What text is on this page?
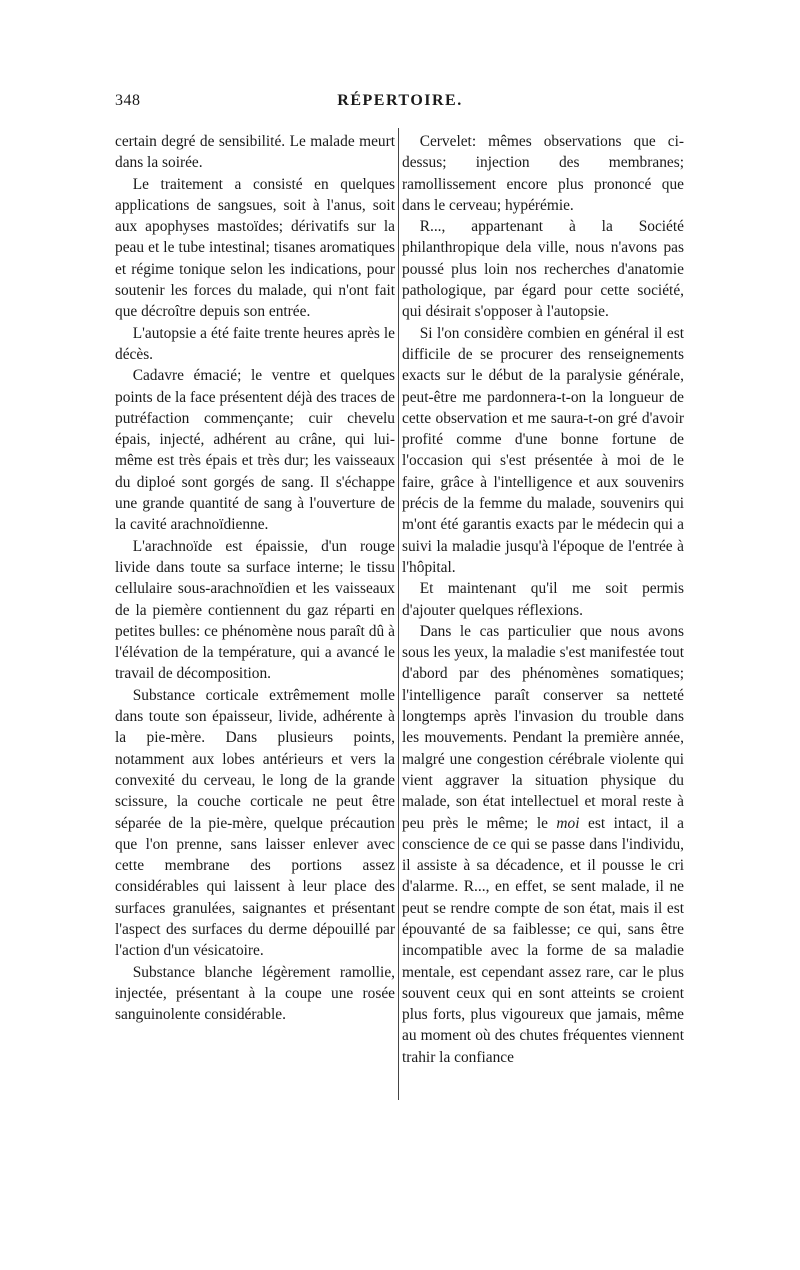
348	RÉPERTOIRE.

certain degré de sensibilité. Le malade meurt dans la soirée.

Le traitement a consisté en quelques applications de sangsues, soit à l'anus, soit aux apophyses mastoïdes; dérivatifs sur la peau et le tube intestinal; tisanes aromatiques et régime tonique selon les indications, pour soutenir les forces du malade, qui n'ont fait que décroître depuis son entrée.

L'autopsie a été faite trente heures après le décès.

Cadavre émacié; le ventre et quelques points de la face présentent déjà des traces de putréfaction commençante; cuir chevelu épais, injecté, adhérent au crâne, qui lui-même est très épais et très dur; les vaisseaux du diploé sont gorgés de sang. Il s'échappe une grande quantité de sang à l'ouverture de la cavité arachnoïdienne.

L'arachnoïde est épaissie, d'un rouge livide dans toute sa surface interne; le tissu cellulaire sous-arachnoïdien et les vaisseaux de la piemère contiennent du gaz réparti en petites bulles: ce phénomène nous paraît dû à l'élévation de la température, qui a avancé le travail de décomposition.

Substance corticale extrêmement molle dans toute son épaisseur, livide, adhérente à la pie-mère. Dans plusieurs points, notamment aux lobes antérieurs et vers la convexité du cerveau, le long de la grande scissure, la couche corticale ne peut être séparée de la pie-mère, quelque précaution que l'on prenne, sans laisser enlever avec cette membrane des portions assez considérables qui laissent à leur place des surfaces granulées, saignantes et présentant l'aspect des surfaces du derme dépouillé par l'action d'un vésicatoire.

Substance blanche légèrement ramollie, injectée, présentant à la coupe une rosée sanguinolente considérable.

Cervelet: mêmes observations que ci-dessus; injection des membranes; ramollissement encore plus prononcé que dans le cerveau; hypérémie.

R..., appartenant à la Société philanthropique dela ville, nous n'avons pas poussé plus loin nos recherches d'anatomie pathologique, par égard pour cette société, qui désirait s'opposer à l'autopsie.

Si l'on considère combien en général il est difficile de se procurer des renseignements exacts sur le début de la paralysie générale, peut-être me pardonnera-t-on la longueur de cette observation et me saura-t-on gré d'avoir profité comme d'une bonne fortune de l'occasion qui s'est présentée à moi de le faire, grâce à l'intelligence et aux souvenirs précis de la femme du malade, souvenirs qui m'ont été garantis exacts par le médecin qui a suivi la maladie jusqu'à l'époque de l'entrée à l'hôpital.

Et maintenant qu'il me soit permis d'ajouter quelques réflexions.

Dans le cas particulier que nous avons sous les yeux, la maladie s'est manifestée tout d'abord par des phénomènes somatiques; l'intelligence paraît conserver sa netteté longtemps après l'invasion du trouble dans les mouvements. Pendant la première année, malgré une congestion cérébrale violente qui vient aggraver la situation physique du malade, son état intellectuel et moral reste à peu près le même; le moi est intact, il a conscience de ce qui se passe dans l'individu, il assiste à sa décadence, et il pousse le cri d'alarme. R..., en effet, se sent malade, il ne peut se rendre compte de son état, mais il est épouvanté de sa faiblesse; ce qui, sans être incompatible avec la forme de sa maladie mentale, est cependant assez rare, car le plus souvent ceux qui en sont atteints se croient plus forts, plus vigoureux que jamais, même au moment où des chutes fréquentes viennent trahir la confiance
